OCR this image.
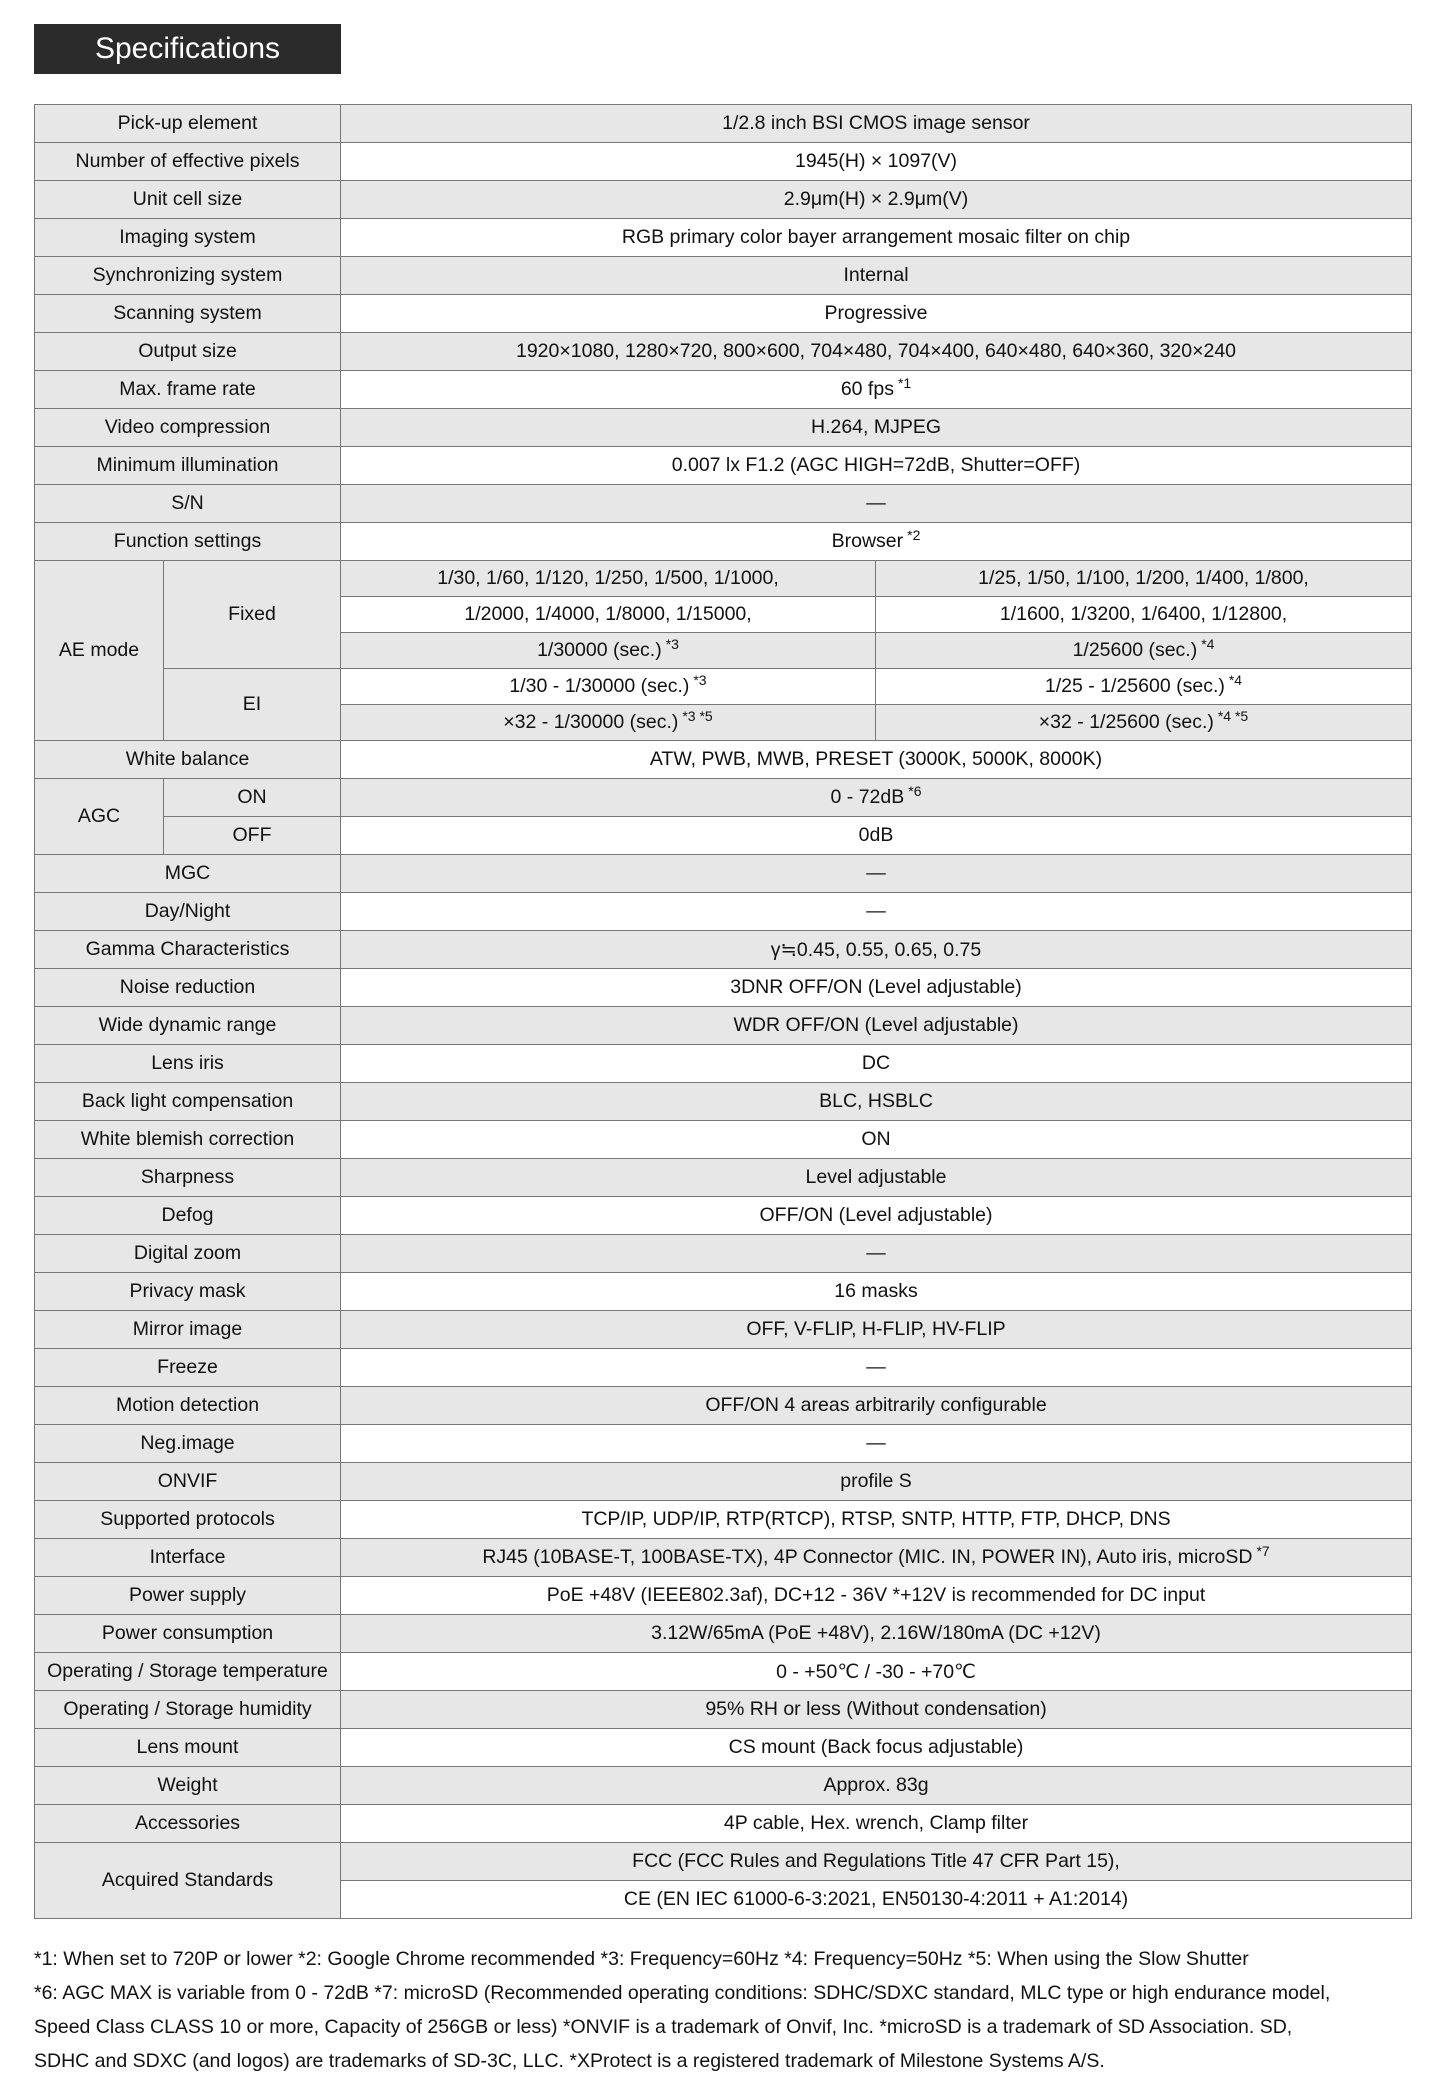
Specifications
Pick-up element		1/2.8 inch BSI CMOS image sensor	
Number of effective pixels		1945(H) × 1097(V)	
Unit cell size		2.9μm(H) × 2.9μm(V)	
Imaging system		RGB primary color bayer arrangement mosaic filter on chip	
Synchronizing system		Internal	
Scanning system		Progressive	
Output size		1920×1080, 1280×720, 800×600, 704×480, 704×400, 640×480, 640×360, 320×240	
Max. frame rate		60 fps $^{*1}$
Video compression		H.264, MJPEG	
Minimum illumination		0.007 lx F1.2 (AGC HIGH=72dB, Shutter=OFF)	
S/N		—	
Function settings		Browser $^{*2}$
AE mode	Fixed	1/30, 1/60, 1/120, 1/250, 1/500, 1/1000,	1/25, 1/50, 1/100, 1/200, 1/400, 1/800,
		1/2000, 1/4000, 1/8000, 1/15000,	1/1600, 1/3200, 1/6400, 1/12800,
		1/30000 (sec.) $^{*3}$	1/25600 (sec.) $^{*4}$
	EI	1/30 - 1/30000 (sec.) $^{*3}$	1/25 - 1/25600 (sec.) $^{*4}$
		×32 - 1/30000 (sec.) $^{*3 *5}$	×32 - 1/25600 (sec.) $^{*4 *5}$
White balance		ATW, PWB, MWB, PRESET (3000K, 5000K, 8000K)	
AGC	ON	0 - 72dB $^{*6}$
	OFF	0dB	
MGC		—	
Day/Night		—	
Gamma Characteristics		γ≒0.45, 0.55, 0.65, 0.75	
Noise reduction		3DNR OFF/ON (Level adjustable)	
Wide dynamic range		WDR OFF/ON (Level adjustable)	
Lens iris		DC	
Back light compensation		BLC, HSBLC	
White blemish correction		ON	
Sharpness		Level adjustable	
Defog		OFF/ON (Level adjustable)	
Digital zoom		—	
Privacy mask		16 masks	
Mirror image		OFF, V-FLIP, H-FLIP, HV-FLIP	
Freeze		—	
Motion detection		OFF/ON 4 areas arbitrarily configurable	
Neg.image		—	
ONVIF		profile S	
Supported protocols		TCP/IP, UDP/IP, RTP(RTCP), RTSP, SNTP, HTTP, FTP, DHCP, DNS	
Interface		RJ45 (10BASE-T, 100BASE-TX), 4P Connector (MIC. IN, POWER IN), Auto iris, microSD $^{*7}$
Power supply		PoE +48V (IEEE802.3af), DC+12 - 36V *+12V is recommended for DC input	
Power consumption		3.12W/65mA (PoE +48V), 2.16W/180mA (DC +12V)	
Operating / Storage temperature		0 - +50℃ / -30 - +70℃	
Operating / Storage humidity		95% RH or less (Without condensation)	
Lens mount		CS mount (Back focus adjustable)	
Weight		Approx. 83g	
Accessories		4P cable, Hex. wrench, Clamp filter	
Acquired Standards		FCC (FCC Rules and Regulations Title 47 CFR Part 15),	
		CE (EN IEC 61000-6-3:2021, EN50130-4:2011 + A1:2014)	

*1: When set to 720P or lower *2: Google Chrome recommended *3: Frequency=60Hz *4: Frequency=50Hz *5: When using the Slow Shutter

*6: AGC MAX is variable from 0 - 72dB *7: microSD (Recommended operating conditions: SDHC/SDXC standard, MLC type or high endurance model,

Speed Class CLASS 10 or more, Capacity of 256GB or less) *ONVIF is a trademark of Onvif, Inc. *microSD is a trademark of SD Association. SD,

SDHC and SDXC (and logos) are trademarks of SD-3C, LLC. *XProtect is a registered trademark of Milestone Systems A/S.
